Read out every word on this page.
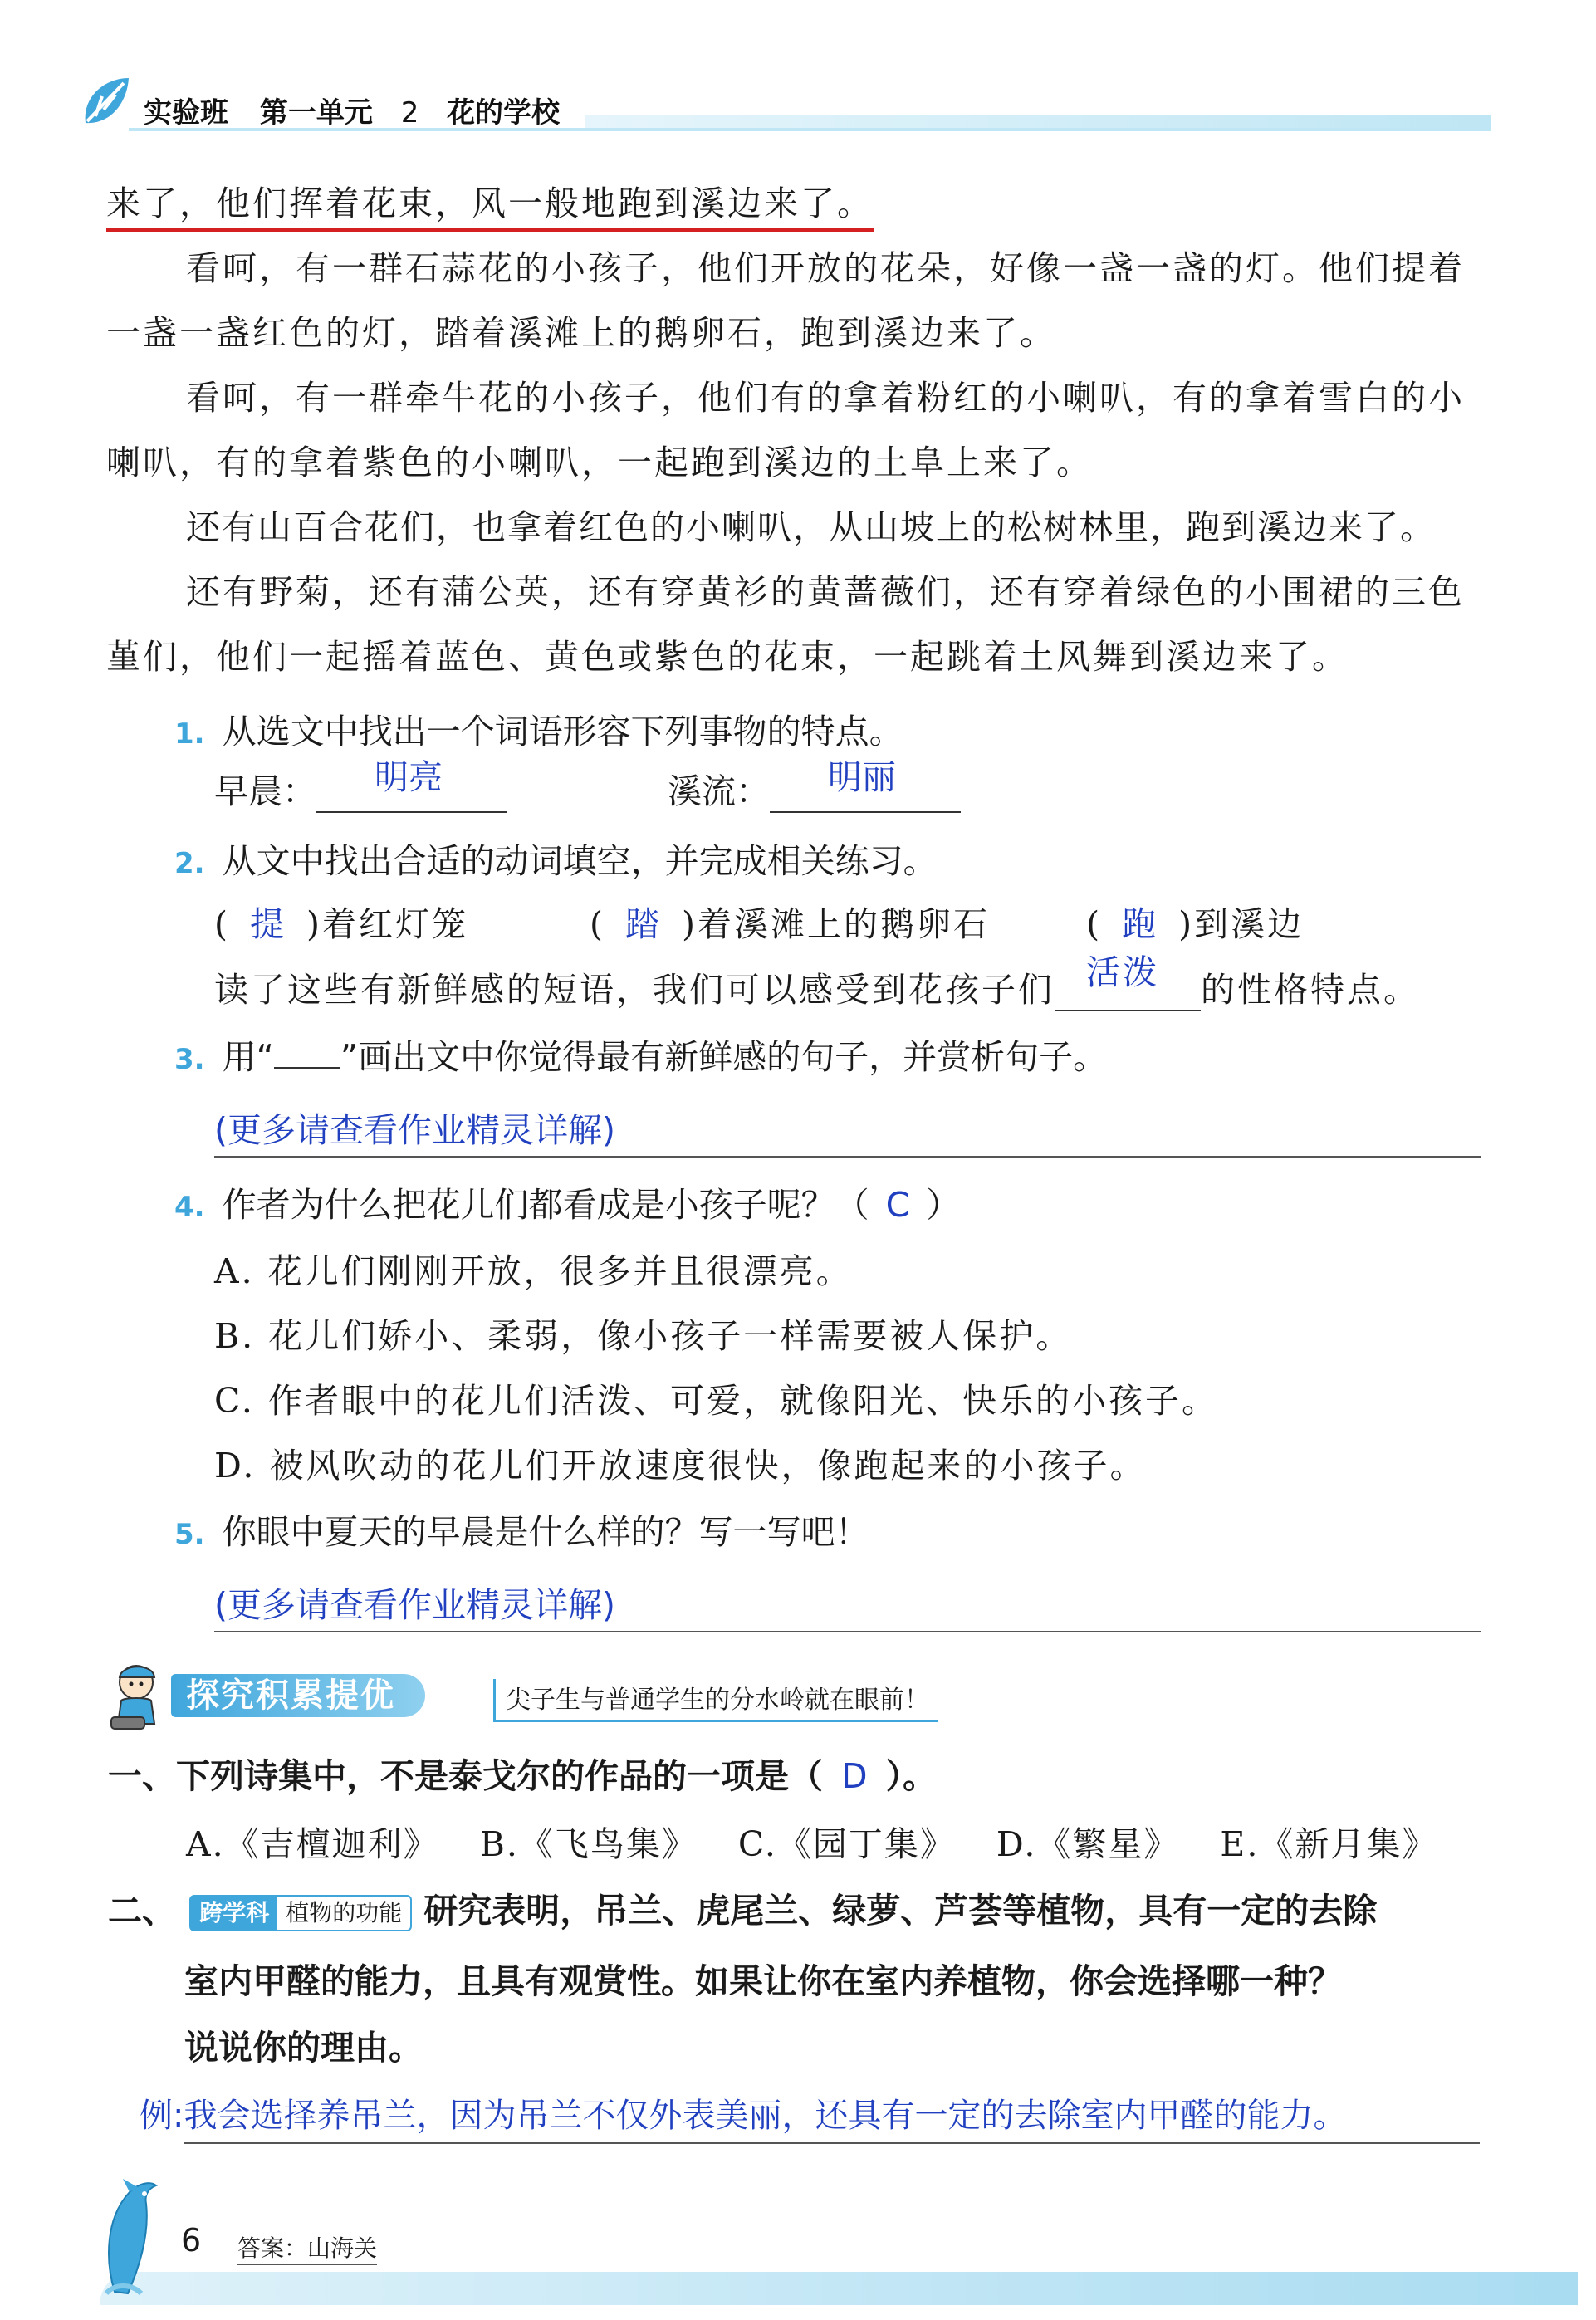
实验班 第一单元 2 花的学校
来了，他们挥着花束，风一般地跑到溪边来了。
看呵，有一群石蒜花的小孩子，他们开放的花朵，好像一盏一盏的灯。他们提着一盏一盏红色的灯，踏着溪滩上的鹅卵石，跑到溪边来了。
看呵，有一群牵牛花的小孩子，他们有的拿着粉红的小喇叭，有的拿着雪白的小喇叭，有的拿着紫色的小喇叭，一起跑到溪边的土阜上来了。
还有山百合花们，也拿着红色的小喇叭，从山坡上的松树林里，跑到溪边来了。
还有野菊，还有蒲公英，还有穿黄衫的黄蔷薇们，还有穿着绿色的小围裙的三色堇们，他们一起摇着蓝色、黄色或紫色的花束，一起跳着土风舞到溪边来了。
1. 从选文中找出一个词语形容下列事物的特点。
早晨： 明亮	溪流： 明丽
2. 从文中找出合适的动词填空，并完成相关练习。
( 提 )着红灯笼	( 踏 )着溪滩上的鹅卵石	( 跑 )到溪边
读了这些有新鲜感的短语，我们可以感受到花孩子们 活泼 的性格特点。
3. 用“ ”画出文中你觉得最有新鲜感的句子，并赏析句子。
(更多请查看作业精灵详解)
4. 作者为什么把花儿们都看成是小孩子呢？（ C ）
A. 花儿们刚刚开放，很多并且很漂亮。
B. 花儿们娇小、柔弱，像小孩子一样需要被人保护。
C. 作者眼中的花儿们活泼、可爱，就像阳光、快乐的小孩子。
D. 被风吹动的花儿们开放速度很快，像跑起来的小孩子。
5. 你眼中夏天的早晨是什么样的？写一写吧！
(更多请查看作业精灵详解)
探究积累提优	尖子生与普通学生的分水岭就在眼前！
一、下列诗集中，不是泰戈尔的作品的一项是（ D ）。
A.《吉檀迦利》 B.《飞鸟集》 C.《园丁集》 D.《繁星》 E.《新月集》
二、 跨学科 植物的功能 研究表明，吊兰、虎尾兰、绿萝、芦荟等植物，具有一定的去除
室内甲醛的能力，且具有观赏性。如果让你在室内养植物，你会选择哪一种？
说说你的理由。
例:我会选择养吊兰，因为吊兰不仅外表美丽，还具有一定的去除室内甲醛的能力。
6 答案：山海关
